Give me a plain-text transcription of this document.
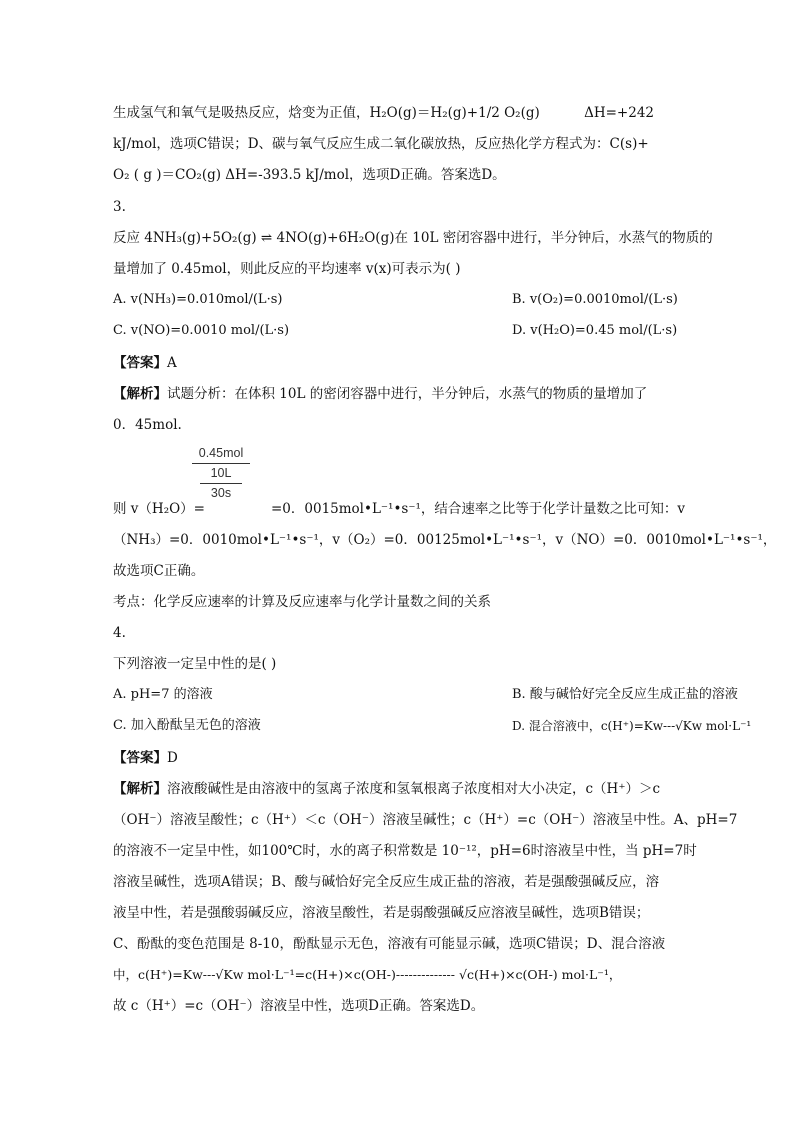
生成氢气和氧气是吸热反应，焓变为正值，H₂O(g)＝H₂(g)+1/2 O₂(g)	ΔH=+242
kJ/mol，选项C错误；D、碳与氧气反应生成二氧化碳放热，反应热化学方程式为：C(s)+
O₂ ( g )＝CO₂(g) ΔH=-393.5 kJ/mol，选项D正确。答案选D。
3.
反应 4NH₃(g)+5O₂(g) ⇌ 4NO(g)+6H₂O(g)在 10L 密闭容器中进行，半分钟后，水蒸气的物质的
量增加了 0.45mol，则此反应的平均速率 v(x)可表示为( )
A. v(NH₃)=0.010mol/(L·s)	B. v(O₂)=0.0010mol/(L·s)
C. v(NO)=0.0010 mol/(L·s)	D. v(H₂O)=0.45 mol/(L·s)
【答案】A
【解析】试题分析：在体积 10L 的密闭容器中进行，半分钟后，水蒸气的物质的量增加了
0．45mol.
0.45mol
10L
30s
则 v（H₂O）=	=0．0015mol•L⁻¹•s⁻¹，结合速率之比等于化学计量数之比可知：v
（NH₃）=0．0010mol•L⁻¹•s⁻¹，v（O₂）=0．00125mol•L⁻¹•s⁻¹，v（NO）=0．0010mol•L⁻¹•s⁻¹，
故选项C正确。
考点：化学反应速率的计算及反应速率与化学计量数之间的关系
4.
下列溶液一定呈中性的是( )
A. pH=7 的溶液	B. 酸与碱恰好完全反应生成正盐的溶液
C. 加入酚酞呈无色的溶液	D. 混合溶液中，c(H⁺)=Kw---√Kw mol·L⁻¹
【答案】D
【解析】溶液酸碱性是由溶液中的氢离子浓度和氢氧根离子浓度相对大小决定，c（H⁺）＞c
（OH⁻）溶液呈酸性；c（H⁺）＜c（OH⁻）溶液呈碱性；c（H⁺）=c（OH⁻）溶液呈中性。A、pH=7
的溶液不一定呈中性，如100℃时，水的离子积常数是 10⁻¹²，pH=6时溶液呈中性，当 pH=7时
溶液呈碱性，选项A错误；B、酸与碱恰好完全反应生成正盐的溶液，若是强酸强碱反应，溶
液呈中性，若是强酸弱碱反应，溶液呈酸性，若是弱酸强碱反应溶液呈碱性，选项B错误；
C、酚酞的变色范围是 8-10，酚酞显示无色，溶液有可能显示碱，选项C错误；D、混合溶液
中，c(H⁺)=Kw---√Kw mol·L⁻¹=c(H+)×c(OH-)-------------- √c(H+)×c(OH-) mol·L⁻¹，
故 c（H⁺）=c（OH⁻）溶液呈中性，选项D正确。答案选D。
